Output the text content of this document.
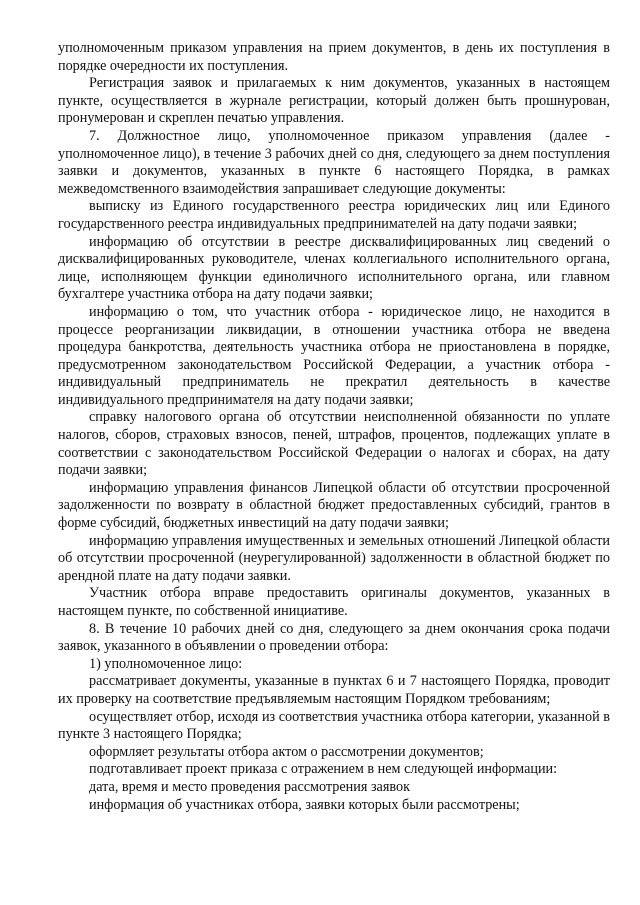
уполномоченным приказом управления на прием документов, в день их поступления в порядке очередности их поступления.

Регистрация заявок и прилагаемых к ним документов, указанных в настоящем пункте, осуществляется в журнале регистрации, который должен быть прошнурован, пронумерован и скреплен печатью управления.

7. Должностное лицо, уполномоченное приказом управления (далее - уполномоченное лицо), в течение 3 рабочих дней со дня, следующего за днем поступления заявки и документов, указанных в пункте 6 настоящего Порядка, в рамках межведомственного взаимодействия запрашивает следующие документы:

выписку из Единого государственного реестра юридических лиц или Единого государственного реестра индивидуальных предпринимателей на дату подачи заявки;

информацию об отсутствии в реестре дисквалифицированных лиц сведений о дисквалифицированных руководителе, членах коллегиального исполнительного органа, лице, исполняющем функции единоличного исполнительного органа, или главном бухгалтере участника отбора на дату подачи заявки;

информацию о том, что участник отбора - юридическое лицо, не находится в процессе реорганизации ликвидации, в отношении участника отбора не введена процедура банкротства, деятельность участника отбора не приостановлена в порядке, предусмотренном законодательством Российской Федерации, а участник отбора - индивидуальный предприниматель не прекратил деятельность в качестве индивидуального предпринимателя на дату подачи заявки;

справку налогового органа об отсутствии неисполненной обязанности по уплате налогов, сборов, страховых взносов, пеней, штрафов, процентов, подлежащих уплате в соответствии с законодательством Российской Федерации о налогах и сборах, на дату подачи заявки;

информацию управления финансов Липецкой области об отсутствии просроченной задолженности по возврату в областной бюджет предоставленных субсидий, грантов в форме субсидий, бюджетных инвестиций на дату подачи заявки;

информацию управления имущественных и земельных отношений Липецкой области об отсутствии просроченной (неурегулированной) задолженности в областной бюджет по арендной плате на дату подачи заявки.

Участник отбора вправе предоставить оригиналы документов, указанных в настоящем пункте, по собственной инициативе.

8. В течение 10 рабочих дней со дня, следующего за днем окончания срока подачи заявок, указанного в объявлении о проведении отбора:

1) уполномоченное лицо:

рассматривает документы, указанные в пунктах 6 и 7 настоящего Порядка, проводит их проверку на соответствие предъявляемым настоящим Порядком требованиям;

осуществляет отбор, исходя из соответствия участника отбора категории, указанной в пункте 3 настоящего Порядка;

оформляет результаты отбора актом о рассмотрении документов;

подготавливает проект приказа с отражением в нем следующей информации:

дата, время и место проведения рассмотрения заявок

информация об участниках отбора, заявки которых были рассмотрены;
